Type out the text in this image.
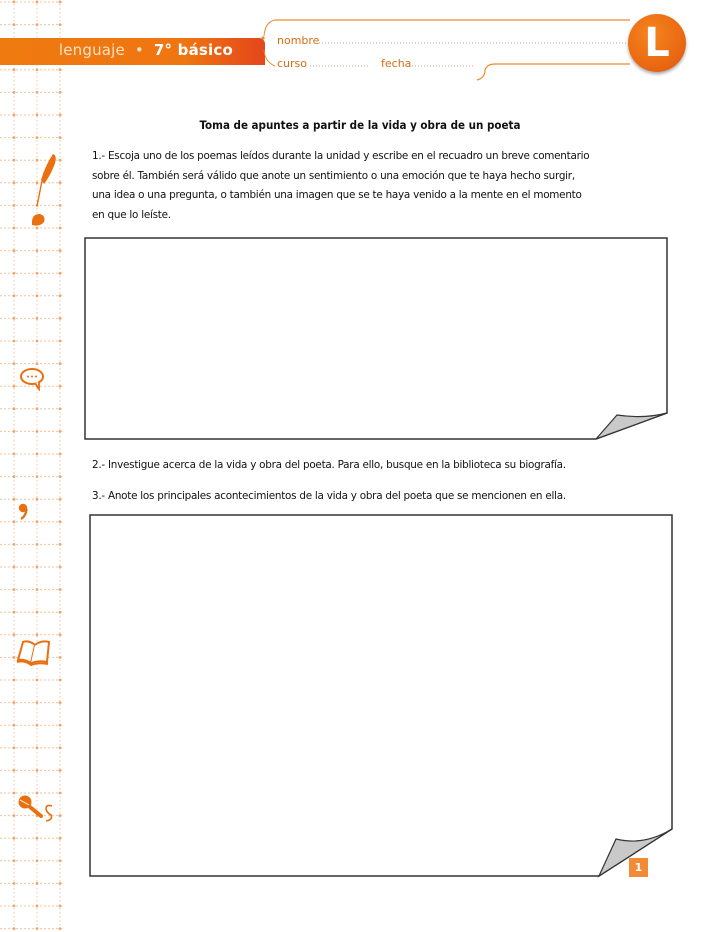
lenguaje • 7° básico
nombre
curso	fecha	L
Toma de apuntes a partir de la vida y obra de un poeta
1.- Escoja uno de los poemas leídos durante la unidad y escribe en el recuadro un breve comentario
sobre él. También será válido que anote un sentimiento o una emoción que te haya hecho surgir,
una idea o una pregunta, o también una imagen que se te haya venido a la mente en el momento
en que lo leíste.
2.- Investigue acerca de la vida y obra del poeta. Para ello, busque en la biblioteca su biografía.
3.- Anote los principales acontecimientos de la vida y obra del poeta que se mencionen en ella.
1
